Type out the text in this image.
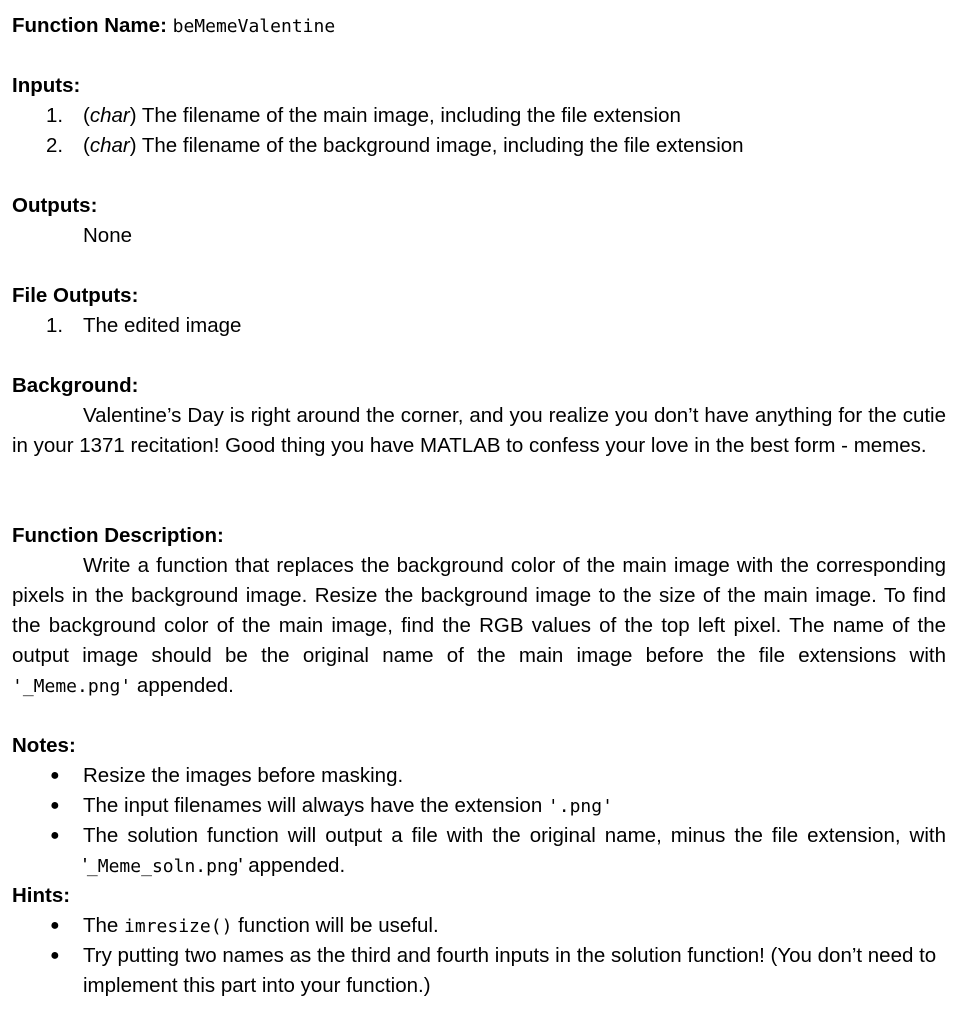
Function Name: beMemeValentine
Inputs:
1. (char) The filename of the main image, including the file extension
2. (char) The filename of the background image, including the file extension
Outputs:
None
File Outputs:
1. The edited image
Background:
Valentine’s Day is right around the corner, and you realize you don’t have anything for the cutie in your 1371 recitation! Good thing you have MATLAB to confess your love in the best form - memes.
Function Description:
Write a function that replaces the background color of the main image with the corresponding pixels in the background image. Resize the background image to the size of the main image. To find the background color of the main image, find the RGB values of the top left pixel. The name of the output image should be the original name of the main image before the file extensions with '_Meme.png' appended.
Notes:
● Resize the images before masking.
● The input filenames will always have the extension '.png'
● The solution function will output a file with the original name, minus the file extension, with '_Meme_soln.png' appended.
Hints:
● The imresize() function will be useful.
● Try putting two names as the third and fourth inputs in the solution function! (You don’t need to implement this part into your function.)
